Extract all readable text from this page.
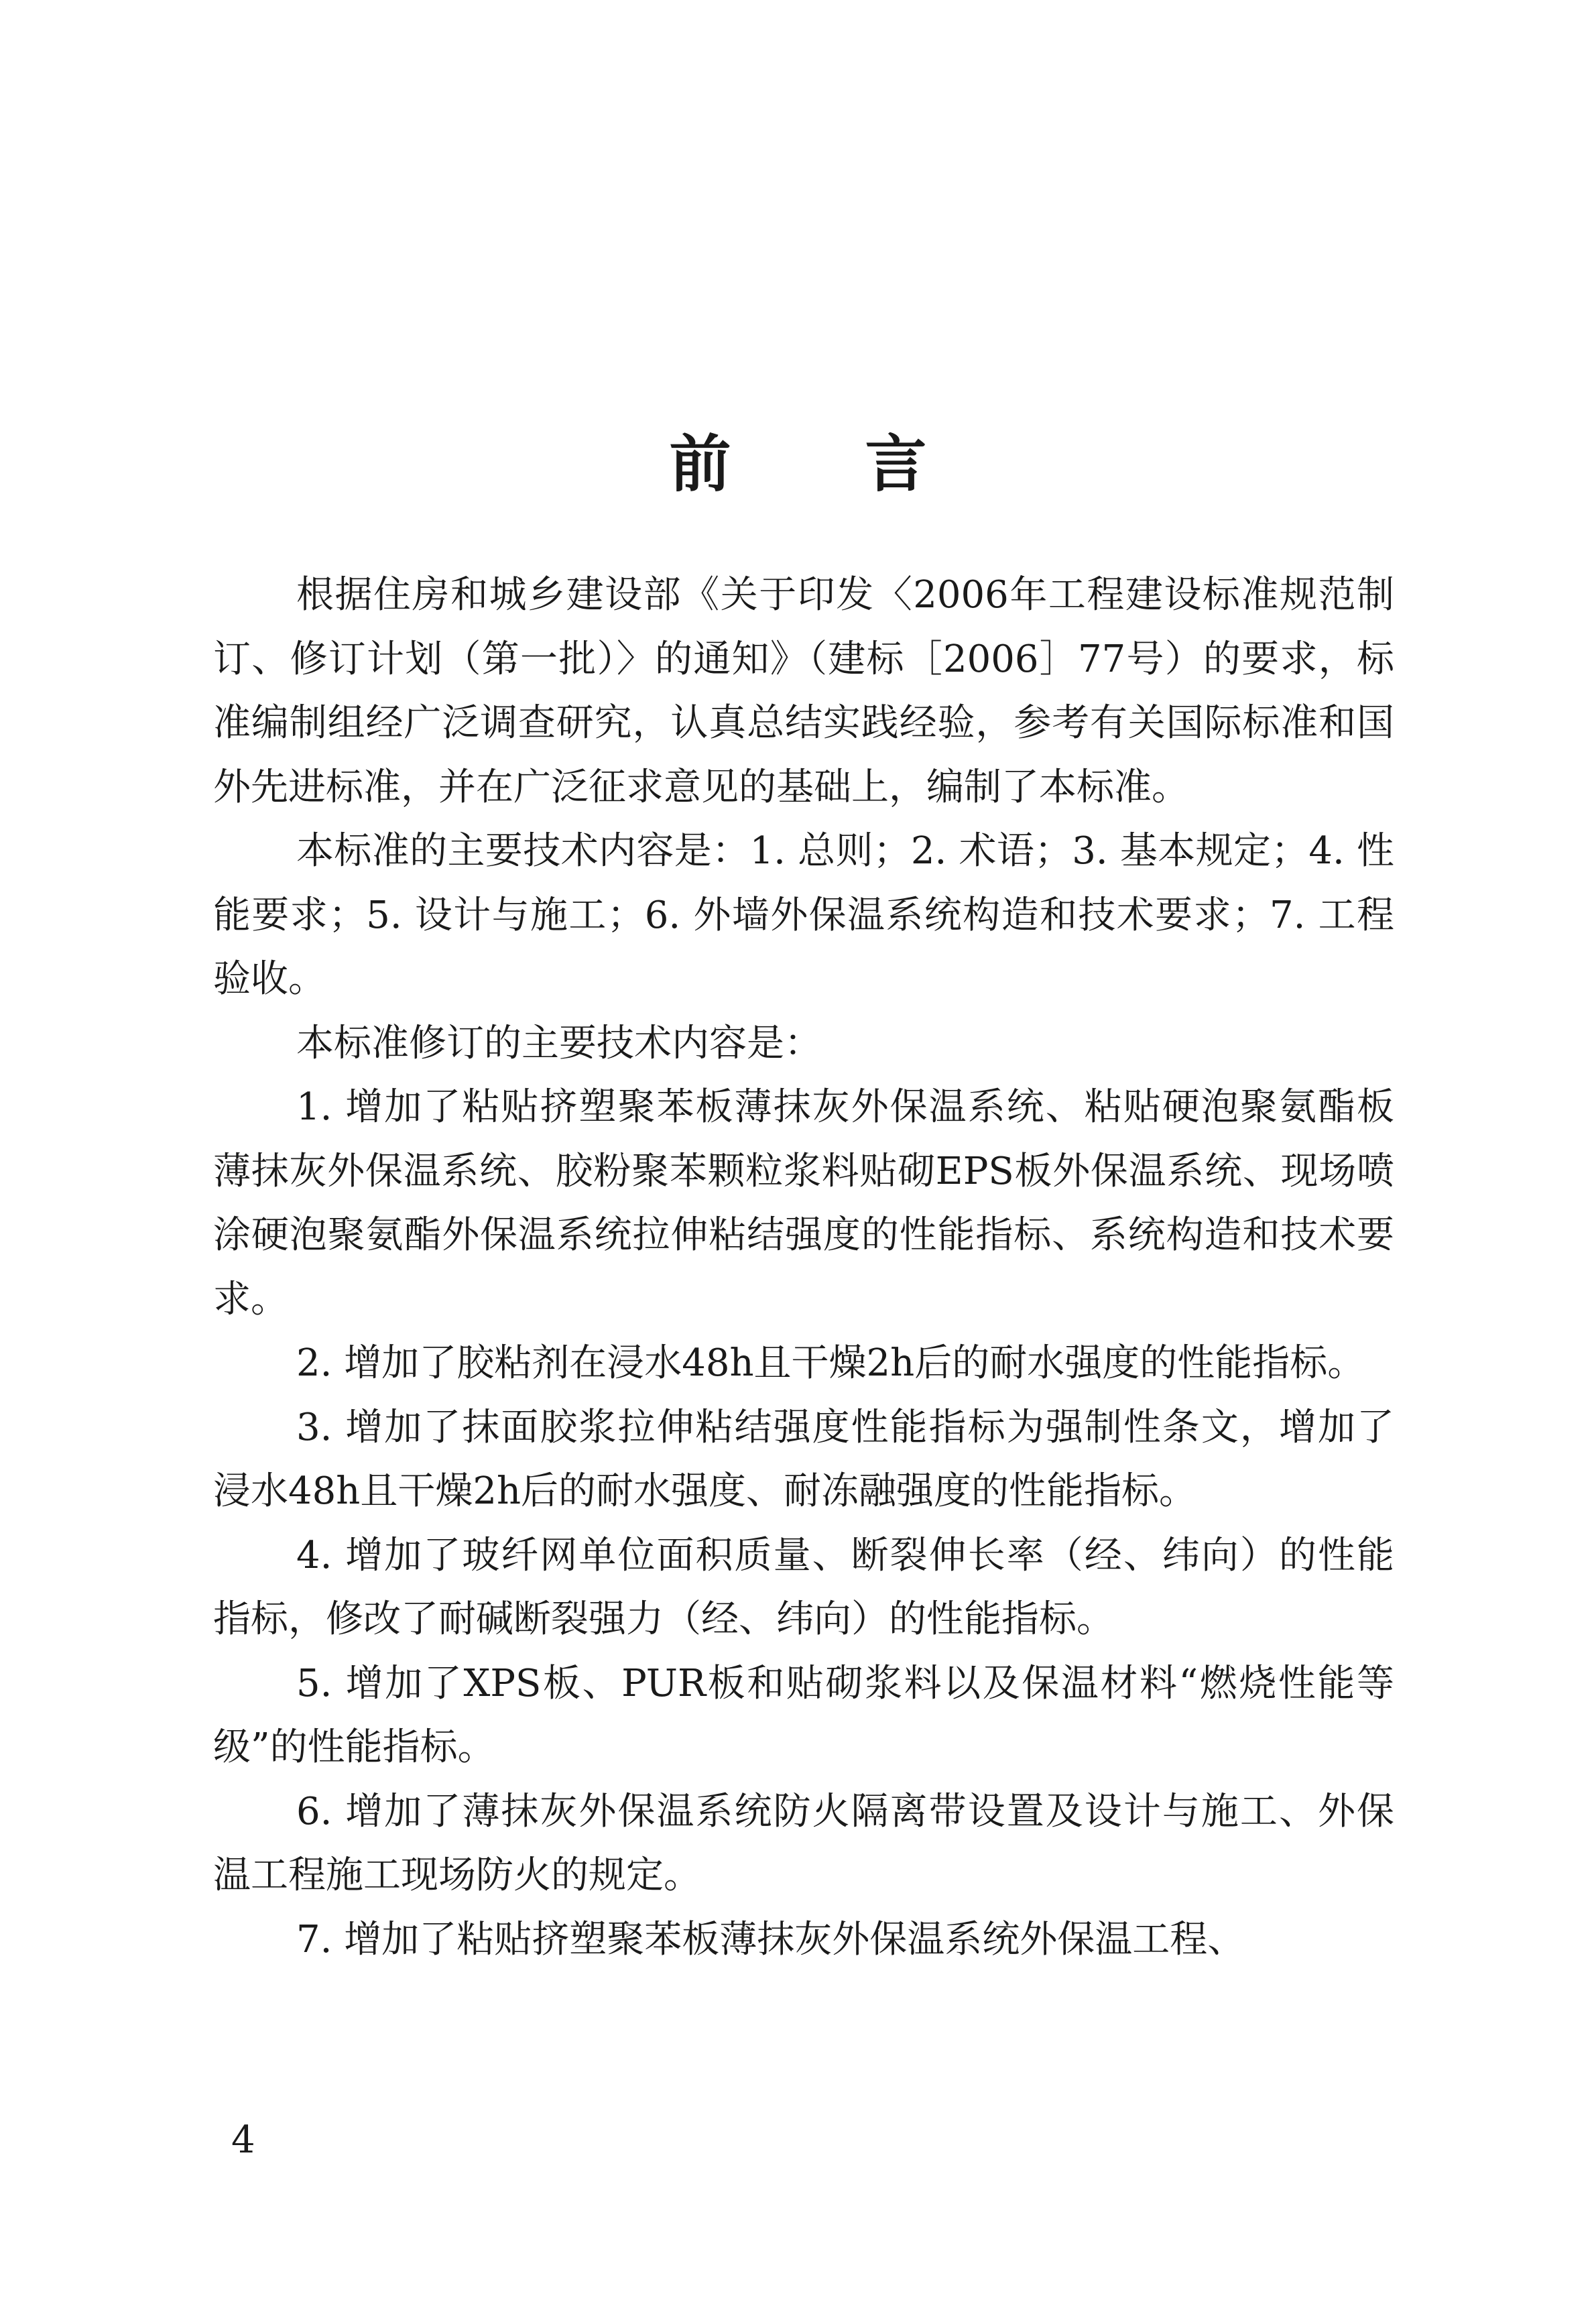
前言

根据住房和城乡建设部《关于印发〈2006年工程建设标准规范制订、修订计划（第一批）〉的通知》（建标［2006］77号）的要求，标准编制组经广泛调查研究，认真总结实践经验，参考有关国际标准和国外先进标准，并在广泛征求意见的基础上，编制了本标准。

本标准的主要技术内容是：1. 总则；2. 术语；3. 基本规定；4. 性能要求；5. 设计与施工；6. 外墙外保温系统构造和技术要求；7. 工程验收。

本标准修订的主要技术内容是：

1. 增加了粘贴挤塑聚苯板薄抹灰外保温系统、粘贴硬泡聚氨酯板薄抹灰外保温系统、胶粉聚苯颗粒浆料贴砌EPS板外保温系统、现场喷涂硬泡聚氨酯外保温系统拉伸粘结强度的性能指标、系统构造和技术要求。

2. 增加了胶粘剂在浸水48h且干燥2h后的耐水强度的性能指标。

3. 增加了抹面胶浆拉伸粘结强度性能指标为强制性条文，增加了浸水48h且干燥2h后的耐水强度、耐冻融强度的性能指标。

4. 增加了玻纤网单位面积质量、断裂伸长率（经、纬向）的性能指标，修改了耐碱断裂强力（经、纬向）的性能指标。

5. 增加了XPS板、PUR板和贴砌浆料以及保温材料“燃烧性能等级”的性能指标。

6. 增加了薄抹灰外保温系统防火隔离带设置及设计与施工、外保温工程施工现场防火的规定。

7. 增加了粘贴挤塑聚苯板薄抹灰外保温系统外保温工程、

4
